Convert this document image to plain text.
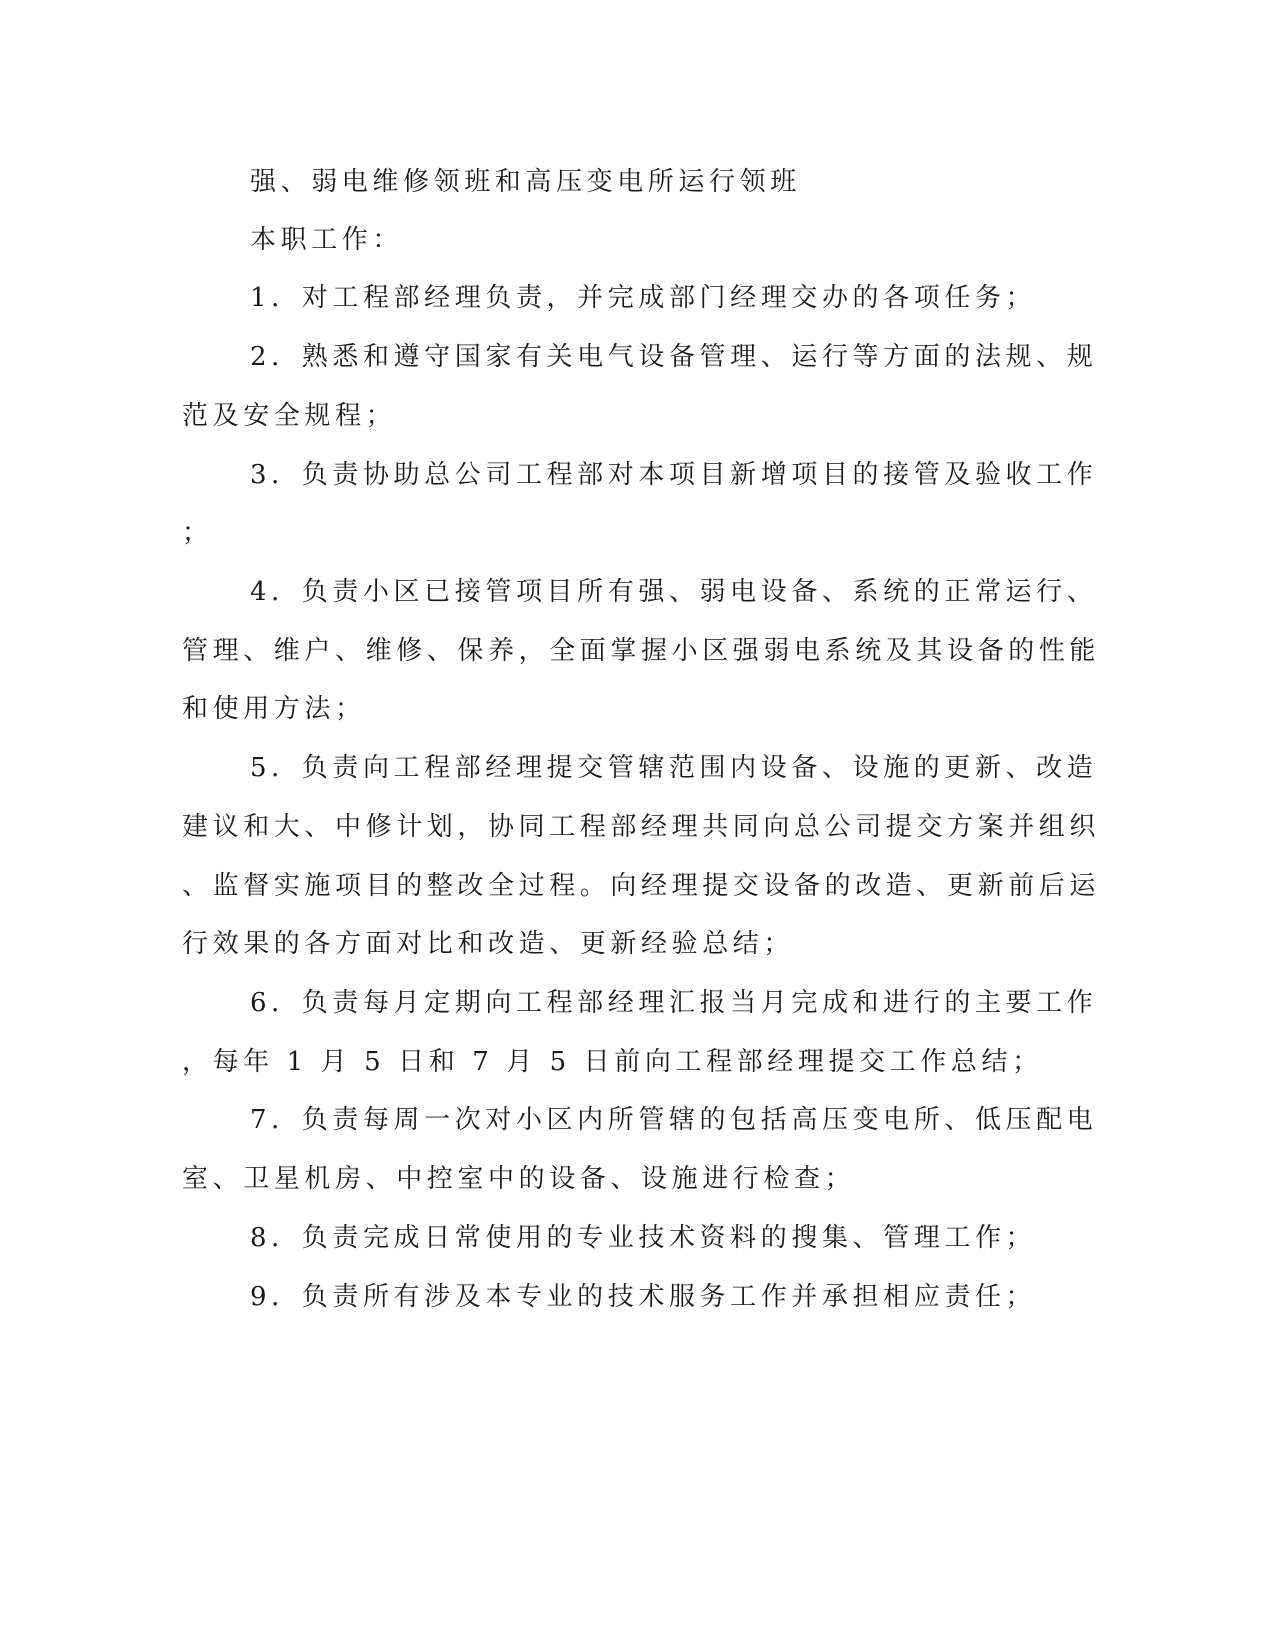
强、弱电维修领班和高压变电所运行领班
本职工作：
1．对工程部经理负责，并完成部门经理交办的各项任务；
2．熟悉和遵守国家有关电气设备管理、运行等方面的法规、规
范及安全规程；
3．负责协助总公司工程部对本项目新增项目的接管及验收工作
；
4．负责小区已接管项目所有强、弱电设备、系统的正常运行、
管理、维户、维修、保养，全面掌握小区强弱电系统及其设备的性能
和使用方法；
5．负责向工程部经理提交管辖范围内设备、设施的更新、改造
建议和大、中修计划，协同工程部经理共同向总公司提交方案并组织
、监督实施项目的整改全过程。向经理提交设备的改造、更新前后运
行效果的各方面对比和改造、更新经验总结；
6．负责每月定期向工程部经理汇报当月完成和进行的主要工作
，每年 1 月 5 日和 7 月 5 日前向工程部经理提交工作总结；
7．负责每周一次对小区内所管辖的包括高压变电所、低压配电
室、卫星机房、中控室中的设备、设施进行检查；
8．负责完成日常使用的专业技术资料的搜集、管理工作；
9．负责所有涉及本专业的技术服务工作并承担相应责任；
